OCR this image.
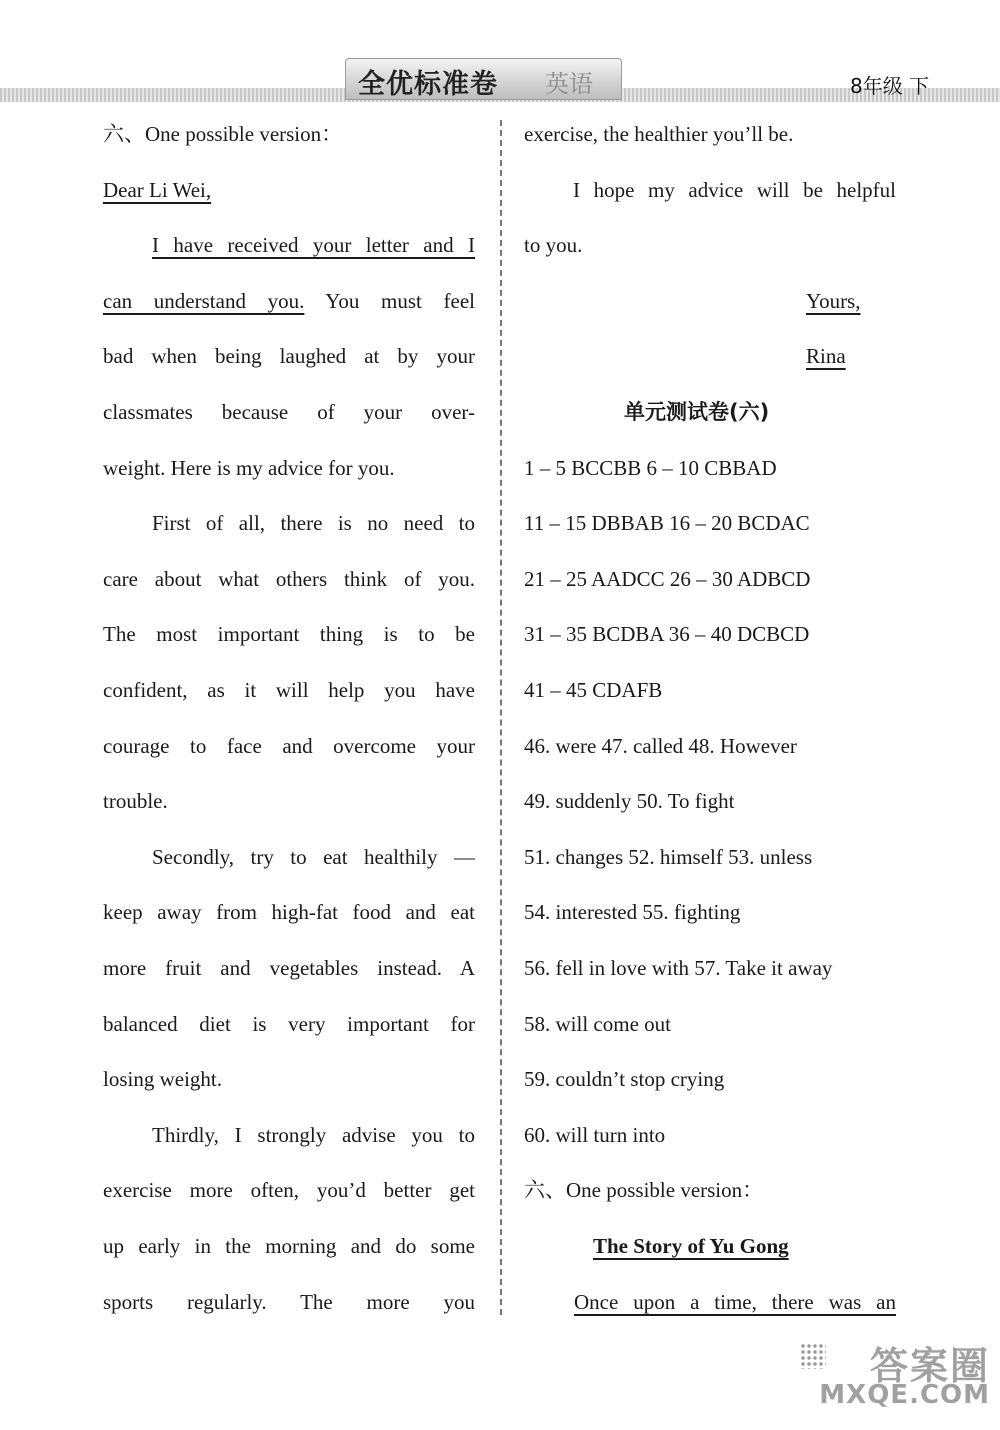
全优标准卷 英语	8年级 下
六、One possible version：
Dear Li Wei,
I have received your letter and I
can understand you. You must feel
bad when being laughed at by your
classmates because of your over-
weight. Here is my advice for you.
First of all, there is no need to
care about what others think of you.
The most important thing is to be
confident, as it will help you have
courage to face and overcome your
trouble.
Secondly, try to eat healthily —
keep away from high-fat food and eat
more fruit and vegetables instead. A
balanced diet is very important for
losing weight.
Thirdly, I strongly advise you to
exercise more often, you’d better get
up early in the morning and do some
sports regularly. The more you
exercise, the healthier you’ll be.
I hope my advice will be helpful
to you.
Yours,
Rina
单元测试卷(六)
1 – 5 BCCBB 6 – 10 CBBAD
11 – 15 DBBAB 16 – 20 BCDAC
21 – 25 AADCC 26 – 30 ADBCD
31 – 35 BCDBA 36 – 40 DCBCD
41 – 45 CDAFB
46. were 47. called 48. However
49. suddenly 50. To fight
51. changes 52. himself 53. unless
54. interested 55. fighting
56. fell in love with 57. Take it away
58. will come out
59. couldn’t stop crying
60. will turn into
六、One possible version：
The Story of Yu Gong
Once upon a time, there was an
答案圈
MXQE.COM
